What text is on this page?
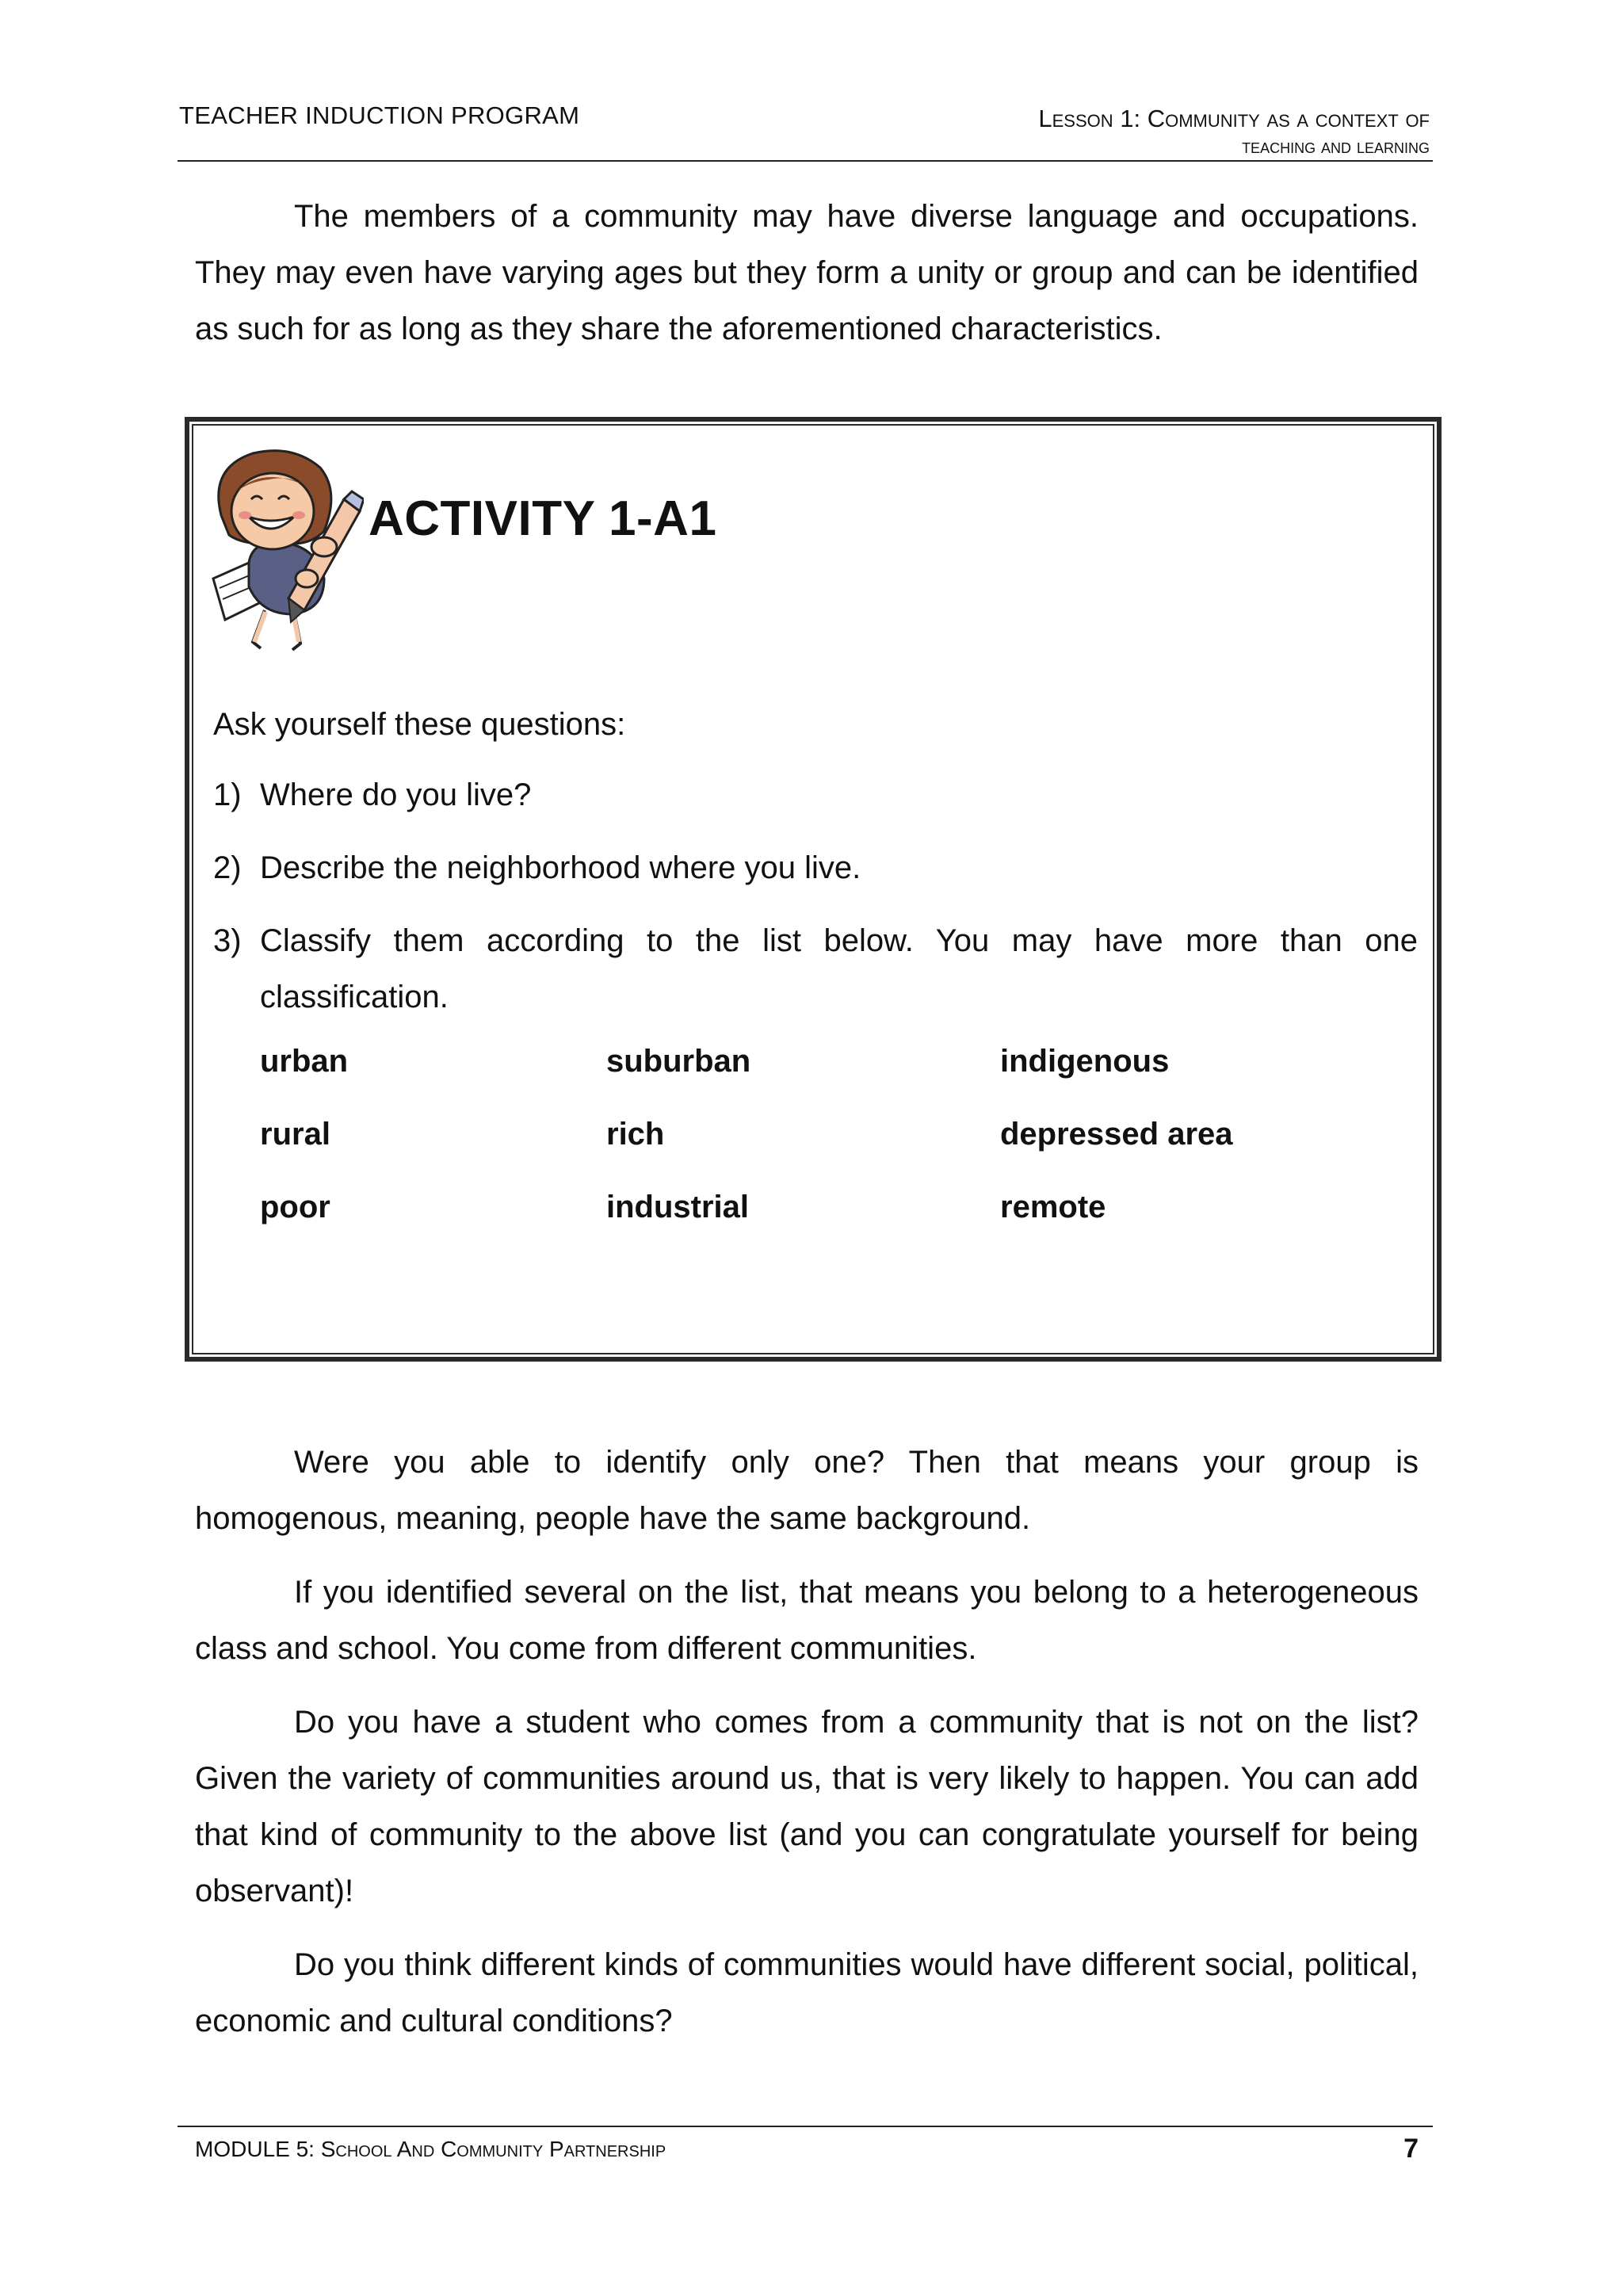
TEACHER INDUCTION PROGRAM	Lesson 1: Community as a context of
teaching and learning
The members of a community may have diverse language and occupations. They may even have varying ages but they form a unity or group and can be identified as such for as long as they share the aforementioned characteristics.
ACTIVITY 1-A1
Ask yourself these questions:
1) Where do you live?
2) Describe the neighborhood where you live.
3) Classify them according to the list below. You may have more than one classification.
urban	suburban	indigenous
rural	rich	depressed area
poor	industrial	remote
Were you able to identify only one? Then that means your group is homogenous, meaning, people have the same background.
If you identified several on the list, that means you belong to a heterogeneous class and school. You come from different communities.
Do you have a student who comes from a community that is not on the list? Given the variety of communities around us, that is very likely to happen. You can add that kind of community to the above list (and you can congratulate yourself for being observant)!
Do you think different kinds of communities would have different social, political, economic and cultural conditions?
MODULE 5: School And Community Partnership	7
